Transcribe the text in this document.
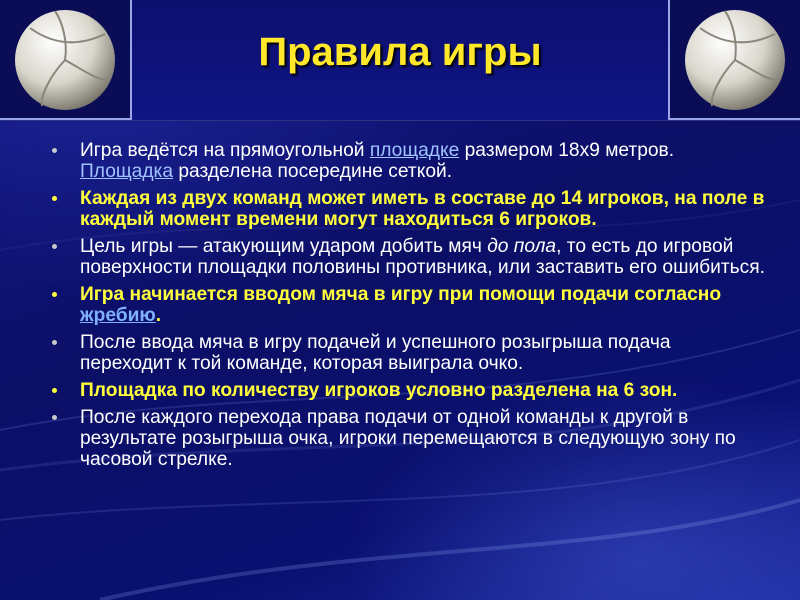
Правила игры
Игра ведётся на прямоугольной площадке размером 18х9 метров. Площадка разделена посередине сеткой.
Каждая из двух команд может иметь в составе до 14 игроков, на поле в каждый момент времени могут находиться 6 игроков.
Цель игры — атакующим ударом добить мяч до пола, то есть до игровой поверхности площадки половины противника, или заставить его ошибиться.
Игра начинается вводом мяча в игру при помощи подачи согласно жребию.
После ввода мяча в игру подачей и успешного розыгрыша подача переходит к той команде, которая выиграла очко.
Площадка по количеству игроков условно разделена на 6 зон.
После каждого перехода права подачи от одной команды к другой в результате розыгрыша очка, игроки перемещаются в следующую зону по часовой стрелке.
